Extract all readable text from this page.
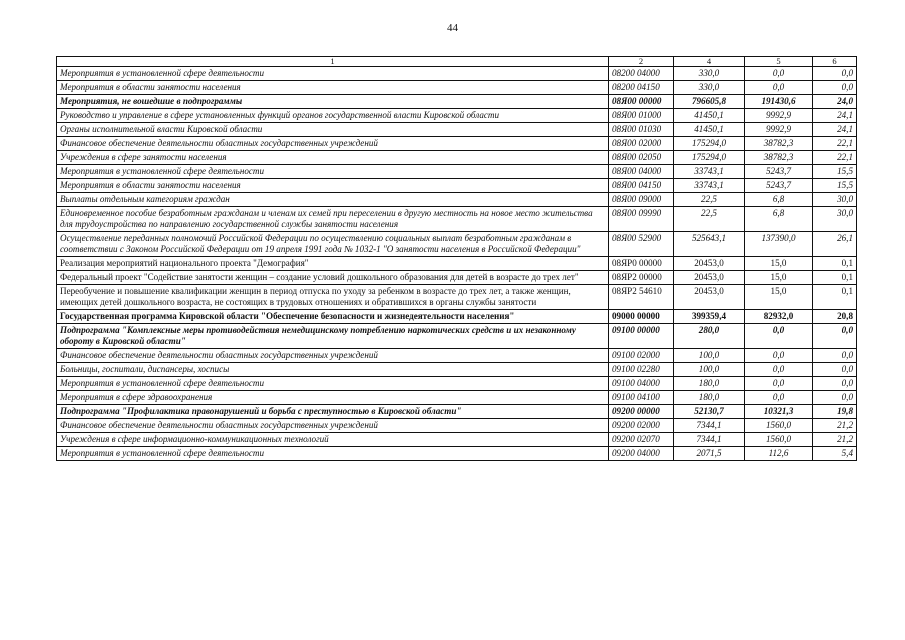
44
1	2	4	5	6
Мероприятия в установленной сфере деятельности	08200 04000	330,0	0,0	0,0
Мероприятия в области занятости населения	08200 04150	330,0	0,0	0,0
Мероприятия, не вошедшие в подпрограммы	08Я00 00000	796605,8	191430,6	24,0
Руководство и управление в сфере установленных функций органов государственной власти Кировской области	08Я00 01000	41450,1	9992,9	24,1
Органы исполнительной власти Кировской области	08Я00 01030	41450,1	9992,9	24,1
Финансовое обеспечение деятельности областных государственных учреждений	08Я00 02000	175294,0	38782,3	22,1
Учреждения в сфере занятости населения	08Я00 02050	175294,0	38782,3	22,1
Мероприятия в установленной сфере деятельности	08Я00 04000	33743,1	5243,7	15,5
Мероприятия в области занятости населения	08Я00 04150	33743,1	5243,7	15,5
Выплаты отдельным категориям граждан	08Я00 09000	22,5	6,8	30,0
Единовременное пособие безработным гражданам и членам их семей при переселении в другую местность на новое место жительства для трудоустройства по направлению государственной службы занятости населения	08Я00 09990	22,5	6,8	30,0
Осуществление переданных полномочий Российской Федерации по осуществлению социальных выплат безработным гражданам в соответствии с Законом Российской Федерации от 19 апреля 1991 года № 1032-1 "О занятости населения в Российской Федерации"	08Я00 52900	525643,1	137390,0	26,1
Реализация мероприятий национального проекта "Демография"	08ЯР0 00000	20453,0	15,0	0,1
Федеральный проект "Содействие занятости женщин – создание условий дошкольного образования для детей в возрасте до трех лет"	08ЯР2 00000	20453,0	15,0	0,1
Переобучение и повышение квалификации женщин в период отпуска по уходу за ребенком в возрасте до трех лет, а также женщин, имеющих детей дошкольного возраста, не состоящих в трудовых отношениях и обратившихся в органы службы занятости	08ЯР2 54610	20453,0	15,0	0,1
Государственная программа Кировской области "Обеспечение безопасности и жизнедеятельности населения"	09000 00000	399359,4	82932,0	20,8
Подпрограмма "Комплексные меры противодействия немедицинскому потреблению наркотических средств и их незаконному обороту в Кировской области"	09100 00000	280,0	0,0	0,0
Финансовое обеспечение деятельности областных государственных учреждений	09100 02000	100,0	0,0	0,0
Больницы, госпитали, диспансеры, хосписы	09100 02280	100,0	0,0	0,0
Мероприятия в установленной сфере деятельности	09100 04000	180,0	0,0	0,0
Мероприятия в сфере здравоохранения	09100 04100	180,0	0,0	0,0
Подпрограмма "Профилактика правонарушений и борьба с преступностью в Кировской области"	09200 00000	52130,7	10321,3	19,8
Финансовое обеспечение деятельности областных государственных учреждений	09200 02000	7344,1	1560,0	21,2
Учреждения в сфере информационно-коммуникационных технологий	09200 02070	7344,1	1560,0	21,2
Мероприятия в установленной сфере деятельности	09200 04000	2071,5	112,6	5,4
